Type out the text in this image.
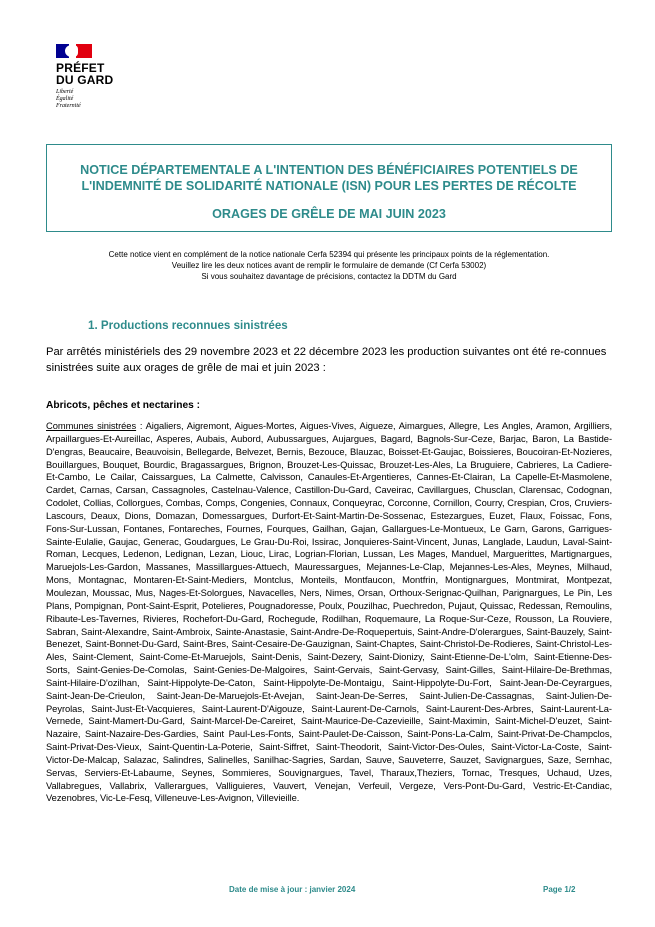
PRÉFET
DU GARD
Liberté
Égalité
Fraternité
NOTICE DÉPARTEMENTALE A L'INTENTION DES BÉNÉFICIAIRES POTENTIELS DE
L'INDEMNITÉ DE SOLIDARITÉ NATIONALE (ISN) POUR LES PERTES DE RÉCOLTE
ORAGES DE GRÊLE DE MAI JUIN 2023
Cette notice vient en complément de la notice nationale Cerfa 52394 qui présente les principaux points de la réglementation.
Veuillez lire les deux notices avant de remplir le formulaire de demande (Cf Cerfa 53002)
Si vous souhaitez davantage de précisions, contactez la DDTM du Gard
1. Productions reconnues sinistrées
Par arrêtés ministériels des 29 novembre 2023 et 22 décembre 2023 les production suivantes ont été re-connues sinistrées suite aux orages de grêle de mai et juin 2023 :
Abricots, pêches et nectarines :
Communes sinistrées : Aigaliers, Aigremont, Aigues-Mortes, Aigues-Vives, Aigueze, Aimargues, Allegre, Les Angles, Aramon, Argilliers, Arpaillargues-Et-Aureillac, Asperes, Aubais, Aubord, Aubussargues, Aujargues, Bagard, Bagnols-Sur-Ceze, Barjac, Baron, La Bastide-D'engras, Beaucaire, Beauvoisin, Bellegarde, Belvezet, Bernis, Bezouce, Blauzac, Boisset-Et-Gaujac, Boissieres, Boucoiran-Et-Nozieres, Bouillargues, Bouquet, Bourdic, Bragassargues, Brignon, Brouzet-Les-Quissac, Brouzet-Les-Ales, La Bruguiere, Cabrieres, La Cadiere-Et-Cambo, Le Cailar, Caissargues, La Calmette, Calvisson, Canaules-Et-Argentieres, Cannes-Et-Clairan, La Capelle-Et-Masmolene, Cardet, Carnas, Carsan, Cassagnoles, Castelnau-Valence, Castillon-Du-Gard, Caveirac, Cavillargues, Chusclan, Clarensac, Codognan, Codolet, Collias, Collorgues, Combas, Comps, Congenies, Connaux, Conqueyrac, Corconne, Cornillon, Courry, Crespian, Cros, Cruviers-Lascours, Deaux, Dions, Domazan, Domessargues, Durfort-Et-Saint-Martin-De-Sossenac, Estezargues, Euzet, Flaux, Foissac, Fons, Fons-Sur-Lussan, Fontanes, Fontareches, Fournes, Fourques, Gailhan, Gajan, Gallargues-Le-Montueux, Le Garn, Garons, Garrigues-Sainte-Eulalie, Gaujac, Generac, Goudargues, Le Grau-Du-Roi, Issirac, Jonquieres-Saint-Vincent, Junas, Langlade, Laudun, Laval-Saint-Roman, Lecques, Ledenon, Ledignan, Lezan, Liouc, Lirac, Logrian-Florian, Lussan, Les Mages, Manduel, Marguerittes, Martignargues, Maruejols-Les-Gardon, Massanes, Massillargues-Attuech, Mauressargues, Mejannes-Le-Clap, Mejannes-Les-Ales, Meynes, Milhaud, Mons, Montagnac, Montaren-Et-Saint-Mediers, Montclus, Monteils, Montfaucon, Montfrin, Montignargues, Montmirat, Montpezat, Moulezan, Moussac, Mus, Nages-Et-Solorgues, Navacelles, Ners, Nimes, Orsan, Orthoux-Serignac-Quilhan, Parignargues, Le Pin, Les Plans, Pompignan, Pont-Saint-Esprit, Potelieres, Pougnadoresse, Poulx, Pouzilhac, Puechredon, Pujaut, Quissac, Redessan, Remoulins, Ribaute-Les-Tavernes, Rivieres, Rochefort-Du-Gard, Rochegude, Rodilhan, Roquemaure, La Roque-Sur-Ceze, Rousson, La Rouviere, Sabran, Saint-Alexandre, Saint-Ambroix, Sainte-Anastasie, Saint-Andre-De-Roquepertuis, Saint-Andre-D'olerargues, Saint-Bauzely, Saint-Benezet, Saint-Bonnet-Du-Gard, Saint-Bres, Saint-Cesaire-De-Gauzignan, Saint-Chaptes, Saint-Christol-De-Rodieres, Saint-Christol-Les-Ales, Saint-Clement, Saint-Come-Et-Maruejols, Saint-Denis, Saint-Dezery, Saint-Dionizy, Saint-Etienne-De-L'olm, Saint-Etienne-Des-Sorts, Saint-Genies-De-Comolas, Saint-Genies-De-Malgoires, Saint-Gervais, Saint-Gervasy, Saint-Gilles, Saint-Hilaire-De-Brethmas, Saint-Hilaire-D'ozilhan, Saint-Hippolyte-De-Caton, Saint-Hippolyte-De-Montaigu, Saint-Hippolyte-Du-Fort, Saint-Jean-De-Ceyrargues, Saint-Jean-De-Crieulon, Saint-Jean-De-Maruejols-Et-Avejan, Saint-Jean-De-Serres, Saint-Julien-De-Cassagnas, Saint-Julien-De-Peyrolas, Saint-Just-Et-Vacquieres, Saint-Laurent-D'Aigouze, Saint-Laurent-De-Carnols, Saint-Laurent-Des-Arbres, Saint-Laurent-La-Vernede, Saint-Mamert-Du-Gard, Saint-Marcel-De-Careiret, Saint-Maurice-De-Cazevieille, Saint-Maximin, Saint-Michel-D'euzet, Saint-Nazaire, Saint-Nazaire-Des-Gardies, Saint Paul-Les-Fonts, Saint-Paulet-De-Caisson, Saint-Pons-La-Calm, Saint-Privat-De-Champclos, Saint-Privat-Des-Vieux, Saint-Quentin-La-Poterie, Saint-Siffret, Saint-Theodorit, Saint-Victor-Des-Oules, Saint-Victor-La-Coste, Saint-Victor-De-Malcap, Salazac, Salindres, Salinelles, Sanilhac-Sagries, Sardan, Sauve, Sauveterre, Sauzet, Savignargues, Saze, Sernhac, Servas, Serviers-Et-Labaume, Seynes, Sommieres, Souvignargues, Tavel, Tharaux,Theziers, Tornac, Tresques, Uchaud, Uzes, Vallabregues, Vallabrix, Vallerargues, Valliguieres, Vauvert, Venejan, Verfeuil, Vergeze, Vers-Pont-Du-Gard, Vestric-Et-Candiac, Vezenobres, Vic-Le-Fesq, Villeneuve-Les-Avignon, Villevieille.
Date de mise à jour : janvier 2024	Page 1/2
